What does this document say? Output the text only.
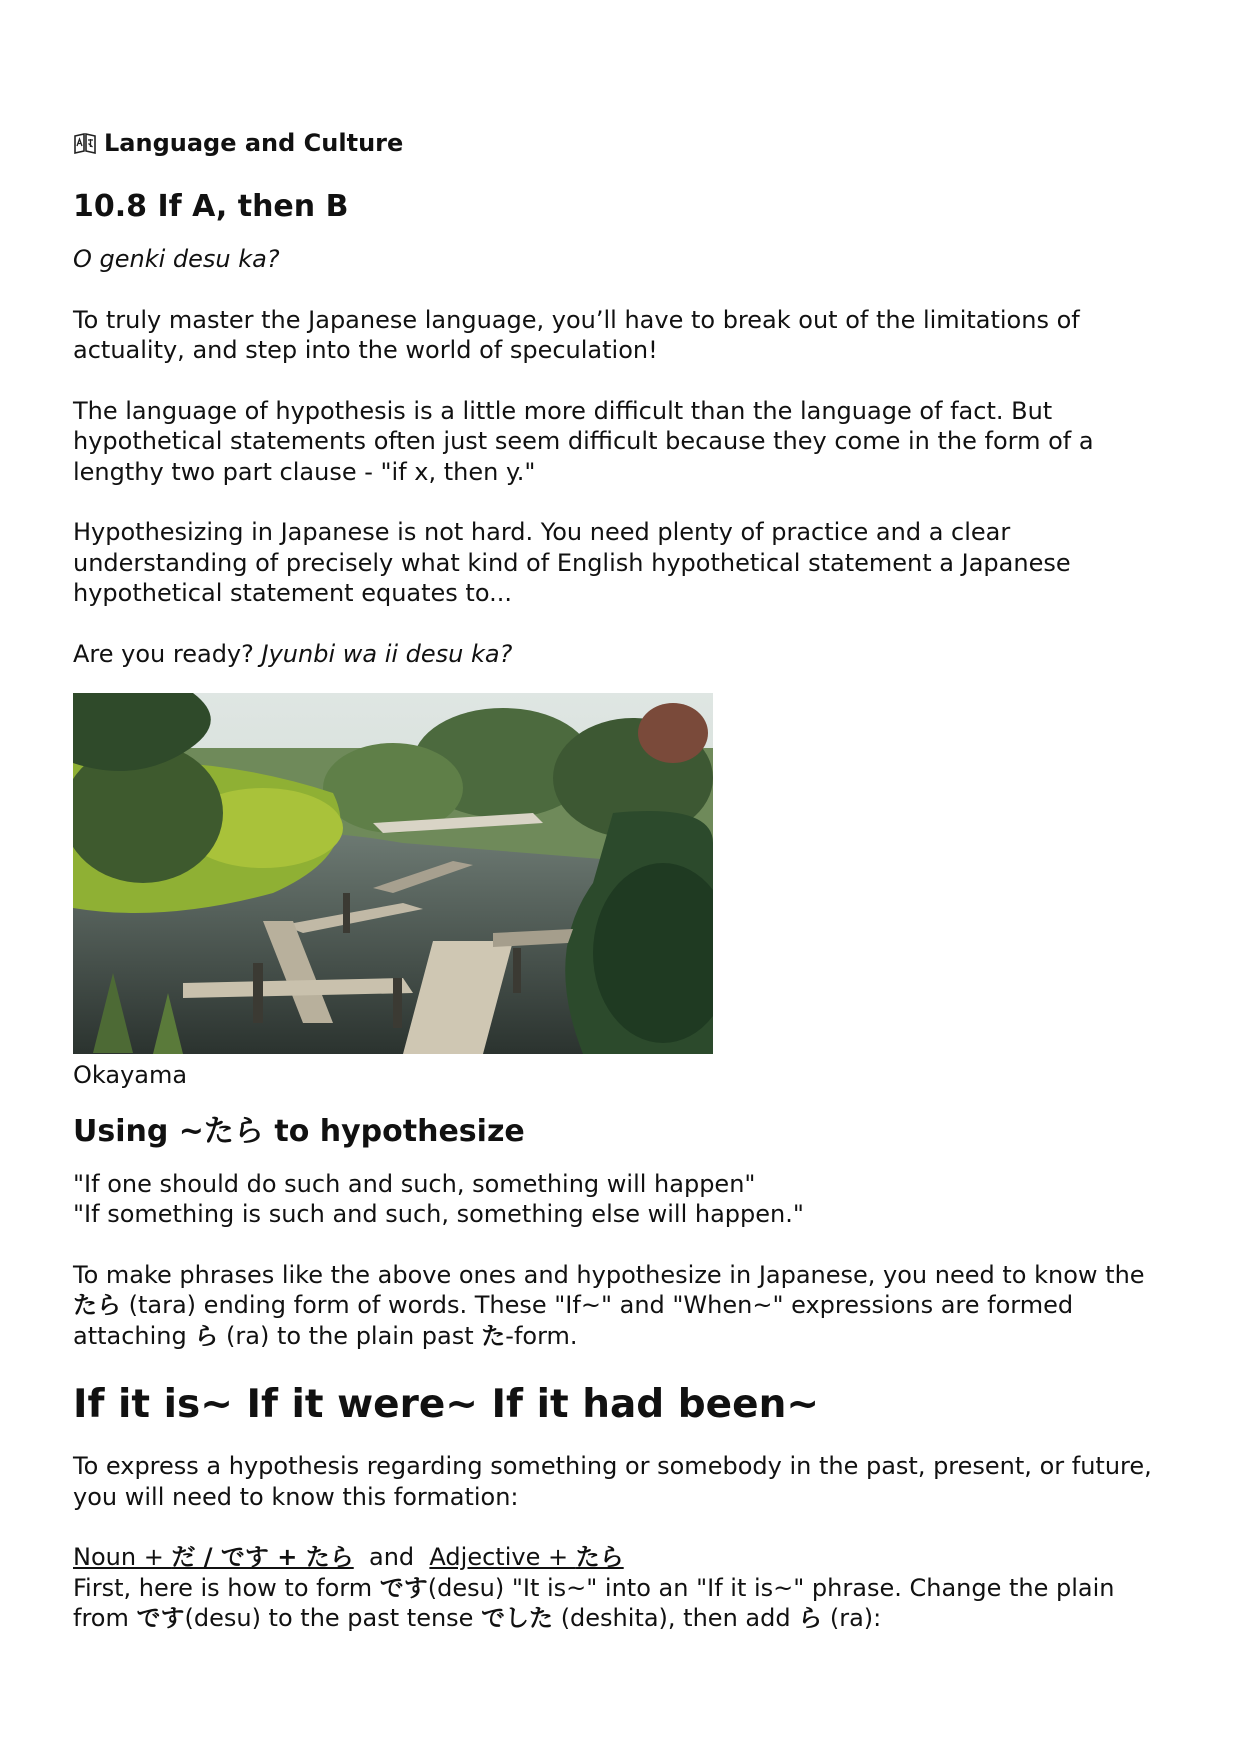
Language and Culture
10.8 If A, then B

O genki desu ka?

To truly master the Japanese language, you’ll have to break out of the limitations of actuality, and step into the world of speculation!

The language of hypothesis is a little more difficult than the language of fact. But hypothetical statements often just seem difficult because they come in the form of a lengthy two part clause - "if x, then y."

Hypothesizing in Japanese is not hard. You need plenty of practice and a clear understanding of precisely what kind of English hypothetical statement a Japanese hypothetical statement equates to...

Are you ready? Jyunbi wa ii desu ka?

Okayama

Using ~たら to hypothesize

"If one should do such and such, something will happen"

"If something is such and such, something else will happen."

To make phrases like the above ones and hypothesize in Japanese, you need to know the たら (tara) ending form of words. These "If~" and "When~" expressions are formed attaching ら (ra) to the plain past た-form.

If it is~ If it were~ If it had been~

To express a hypothesis regarding something or somebody in the past, present, or future, you will need to know this formation:

Noun + だ / です + たら and Adjective + たら

First, here is how to form です(desu) "It is~" into an "If it is~" phrase. Change the plain from です(desu) to the past tense でした (deshita), then add ら (ra):
